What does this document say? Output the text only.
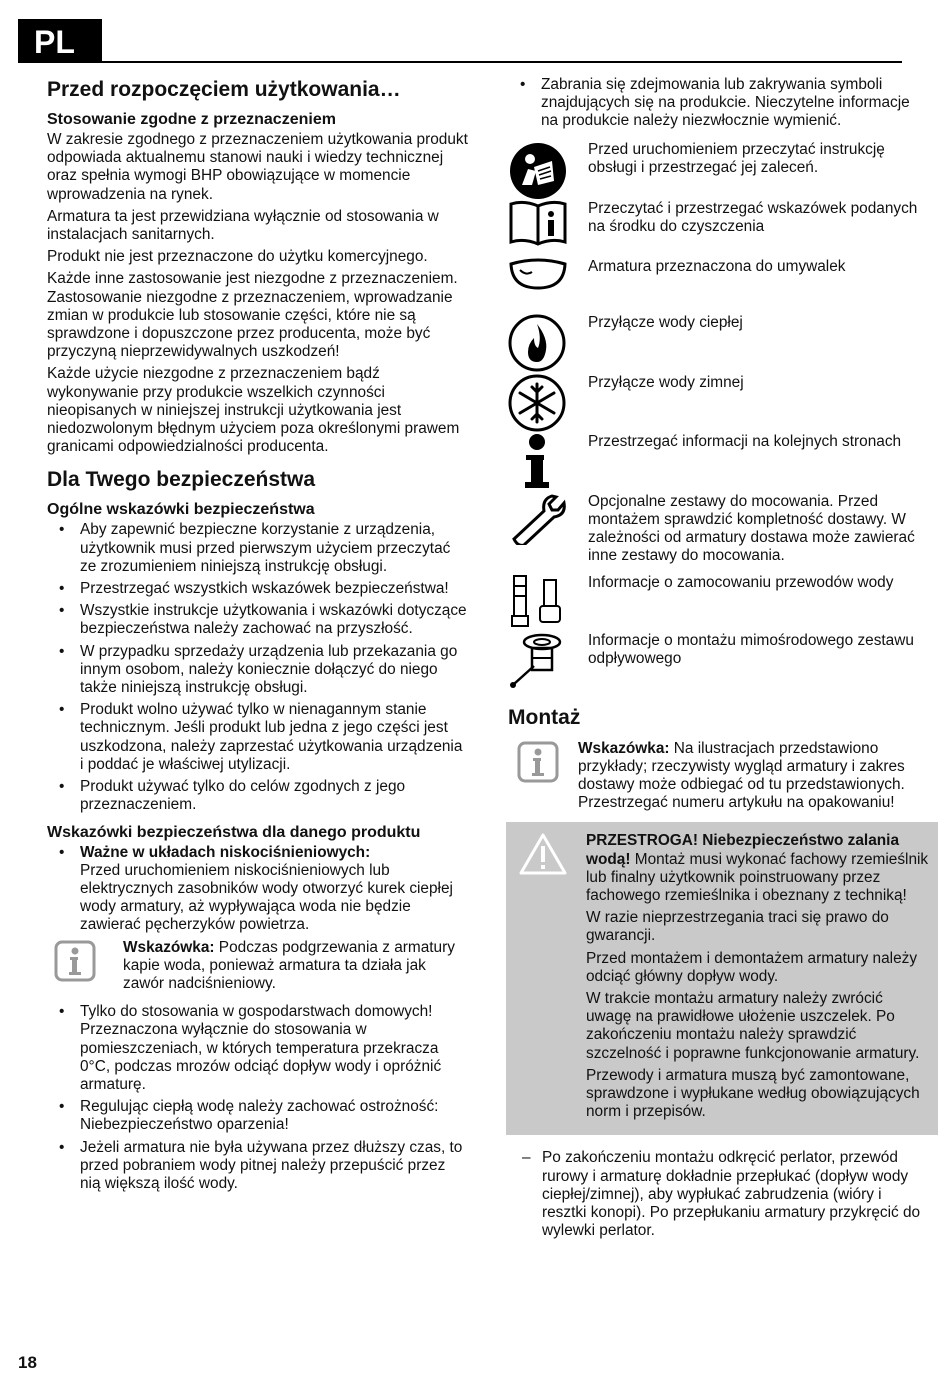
PL
Przed rozpoczęciem użytkowania…
Stosowanie zgodne z przeznaczeniem

W zakresie zgodnego z przeznaczeniem użytkowania produkt odpowiada aktualnemu stanowi nauki i wiedzy technicznej oraz spełnia wymogi BHP obowiązujące w momencie wprowadzenia na rynek.

Armatura ta jest przewidziana wyłącznie od stosowania w instalacjach sanitarnych.

Produkt nie jest przeznaczone do użytku komercyjnego.

Każde inne zastosowanie jest niezgodne z przeznaczeniem. Zastosowanie niezgodne z przeznaczeniem, wprowadzanie zmian w produkcie lub stosowanie części, które nie są sprawdzone i dopuszczone przez producenta, może być przyczyną nieprzewidywalnych uszkodzeń!

Każde użycie niezgodne z przeznaczeniem bądź wykonywanie przy produkcie wszelkich czynności nieopisanych w niniejszej instrukcji użytkowania jest niedozwolonym błędnym użyciem poza określonymi prawem granicami odpowiedzialności producenta.

Dla Twego bezpieczeństwa
Ogólne wskazówki bezpieczeństwa
• Aby zapewnić bezpieczne korzystanie z urządzenia, użytkownik musi przed pierwszym użyciem przeczytać ze zrozumieniem niniejszą instrukcję obsługi.
• Przestrzegać wszystkich wskazówek bezpieczeństwa!
• Wszystkie instrukcje użytkowania i wskazówki dotyczące bezpieczeństwa należy zachować na przyszłość.
• W przypadku sprzedaży urządzenia lub przekazania go innym osobom, należy koniecznie dołączyć do niego także niniejszą instrukcję obsługi.
• Produkt wolno używać tylko w nienagannym stanie technicznym. Jeśli produkt lub jedna z jego części jest uszkodzona, należy zaprzestać użytkowania urządzenia i poddać je właściwej utylizacji.
• Produkt używać tylko do celów zgodnych z jego przeznaczeniem.
Wskazówki bezpieczeństwa dla danego produktu
• Ważne w układach niskociśnieniowych:
Przed uruchomieniem niskociśnieniowych lub elektrycznych zasobników wody otworzyć kurek ciepłej wody armatury, aż wypływająca woda nie będzie zawierać pęcherzyków powietrza.
Wskazówka: Podczas podgrzewania z armatury kapie woda, ponieważ armatura ta działa jak zawór nadciśnieniowy.
• Tylko do stosowania w gospodarstwach domowych! Przeznaczona wyłącznie do stosowania w pomieszczeniach, w których temperatura przekracza 0°C, podczas mrozów odciąć dopływ wody i opróżnić armaturę.
• Regulując ciepłą wodę należy zachować ostrożność: Niebezpieczeństwo oparzenia!
• Jeżeli armatura nie była używana przez dłuższy czas, to przed pobraniem wody pitnej należy przepuścić przez nią większą ilość wody.
• Zabrania się zdejmowania lub zakrywania symboli znajdujących się na produkcie. Nieczytelne informacje na produkcie należy niezwłocznie wymienić.
Przed uruchomieniem przeczytać instrukcję obsługi i przestrzegać jej zaleceń.
Przeczytać i przestrzegać wskazówek podanych na środku do czyszczenia
Armatura przeznaczona do umywalek
Przyłącze wody ciepłej
Przyłącze wody zimnej
Przestrzegać informacji na kolejnych stronach
Opcjonalne zestawy do mocowania. Przed montażem sprawdzić kompletność dostawy. W zależności od armatury dostawa może zawierać inne zestawy do mocowania.
Informacje o zamocowaniu przewodów wody
Informacje o montażu mimośrodowego zestawu odpływowego
Montaż
Wskazówka: Na ilustracjach przedstawiono przykłady; rzeczywisty wygląd armatury i zakres dostawy może odbiegać od tu przedstawionych. Przestrzegać numeru artykułu na opakowaniu!

PRZESTROGA! Niebezpieczeństwo zalania wodą! Montaż musi wykonać fachowy rzemieślnik lub finalny użytkownik poinstruowany przez fachowego rzemieślnika i obeznany z techniką!

W razie nieprzestrzegania traci się prawo do gwarancji.

Przed montażem i demontażem armatury należy odciąć główny dopływ wody.

W trakcie montażu armatury należy zwrócić uwagę na prawidłowe ułożenie uszczelek. Po zakończeniu montażu należy sprawdzić szczelność i poprawne funkcjonowanie armatury.

Przewody i armatura muszą być zamontowane, sprawdzone i wypłukane według obowiązujących norm i przepisów.

– Po zakończeniu montażu odkręcić perlator, przewód rurowy i armaturę dokładnie przepłukać (dopływ wody ciepłej/zimnej), aby wypłukać zabrudzenia (wióry i resztki konopi). Po przepłukaniu armatury przykręcić do wylewki perlator.
18
